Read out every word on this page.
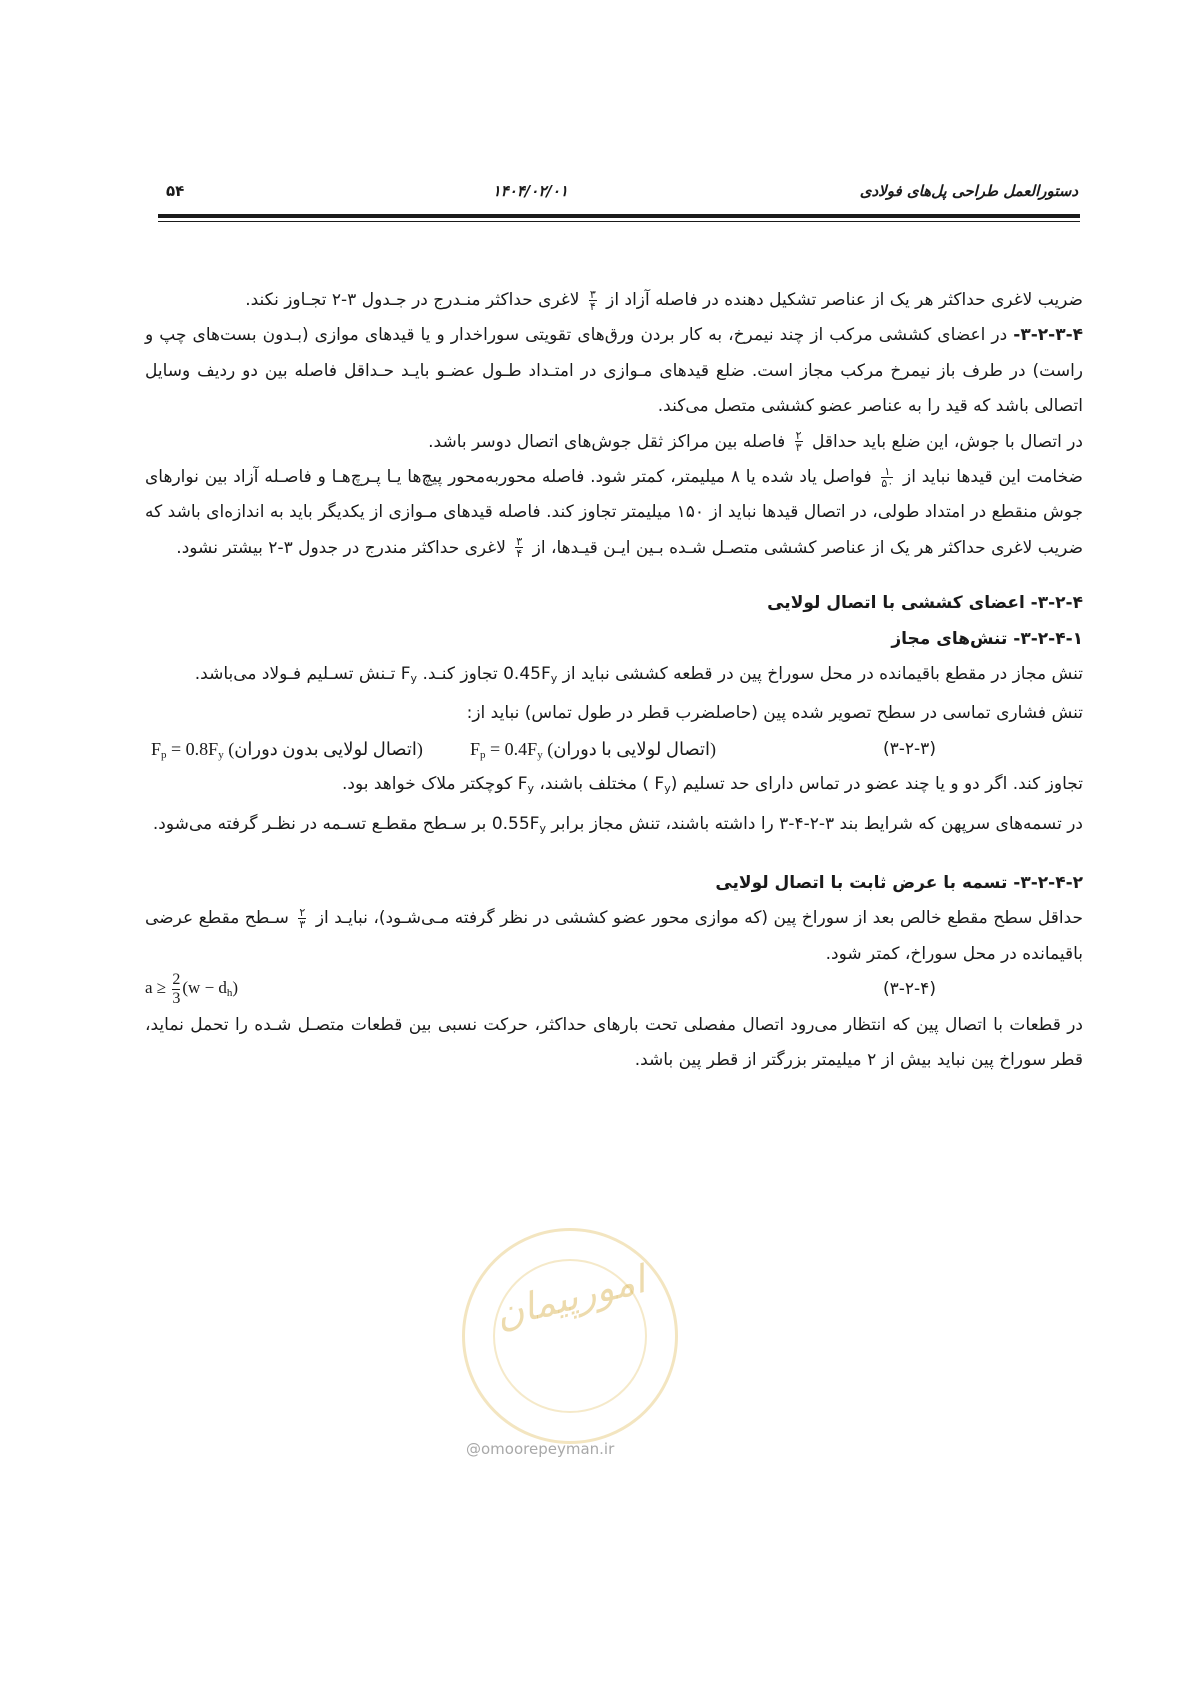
دستورالعمل طراحی پل‌های فولادی
۱۴۰۴/۰۲/۰۱
۵۴

ضریب لاغری حداکثر هر یک از عناصر تشکیل دهنده در فاصله آزاد از
$\frac{۳}{۴}$
لاغری حداکثر منـدرج در جـدول ۳-۲ تجـاوز نکند.

۳-۲-۳-۴- در اعضای کششی مرکب از چند نیمرخ، به کار بردن ورق‌های تقویتی سوراخدار و یا قیدهای موازی (بـدون بست‌های چپ و راست) در طرف باز نیمرخ مرکب مجاز است. ضلع قیدهای مـوازی در امتـداد طـول عضـو بایـد حـداقل فاصله بین دو ردیف وسایل اتصالی باشد که قید را به عناصر عضو کششی متصل می‌کند.

در اتصال با جوش، این ضلع باید حداقل
$\frac{۲}{۳}$
فاصله بین مراکز ثقل جوش‌های اتصال دوسر باشد.

ضخامت این قیدها نباید از
$\frac{۱}{۵۰}$
فواصل یاد شده یا ۸ میلیمتر، کمتر شود. فاصله محوربه‌محور پیچ‌ها یـا پـرچ‌هـا و فاصـله آزاد بین نوارهای جوش منقطع در امتداد طولی، در اتصال قیدها نباید از ۱۵۰ میلیمتر تجاوز کند. فاصله قیدهای مـوازی از یکدیگر باید به اندازه‌ای باشد که ضریب لاغری حداکثر هر یک از عناصر کششی متصـل شـده بـین ایـن قیـدها، از
$\frac{۳}{۴}$
لاغری حداکثر مندرج در جدول ۳-۲ بیشتر نشود.

۳-۲-۴- اعضای کششی با اتصال لولایی

۳-۲-۴-۱- تنش‌های مجاز

تنش مجاز در مقطع باقیمانده در محل سوراخ پین در قطعه کششی نباید از $0.45F_y$ تجاوز کنـد. $F_y$ تـنش تسـلیم فـولاد می‌باشد.

تنش فشاری تماسی در سطح تصویر شده پین (حاصلضرب قطر در طول تماس) نباید از:

$F_p = 0.8F_y$ (اتصال لولایی بدون دوران)	$F_p = 0.4F_y$ (اتصال لولایی با دوران)	(۳-۲-۳)

تجاوز کند. اگر دو و یا چند عضو در تماس دارای حد تسلیم ($F_y$ ) مختلف باشند، $F_y$ کوچکتر ملاک خواهد بود.

در تسمه‌های سرپهن که شرایط بند ۳-۲-۴-۳ را داشته باشند، تنش مجاز برابر $0.55F_y$ بر سـطح مقطـع تسـمه در نظـر گرفته می‌شود.

۳-۲-۴-۲- تسمه با عرض ثابت با اتصال لولایی

حداقل سطح مقطع خالص بعد از سوراخ پین (که موازی محور عضو کششی در نظر گرفته مـی‌شـود)، نبایـد از
$\frac{۲}{۳}$
سـطح مقطع عرضی باقیمانده در محل سوراخ، کمتر شود.

$a \ge \frac{2}{3} (w - d_h)$	(۳-۲-۴)

در قطعات با اتصال پین که انتظار می‌رود اتصال مفصلی تحت بارهای حداکثر، حرکت نسبی بین قطعات متصـل شـده را تحمل نماید، قطر سوراخ پین نباید بیش از ۲ میلیمتر بزرگتر از قطر پین باشد.

امورپیمان
@omoorepeyman.ir
